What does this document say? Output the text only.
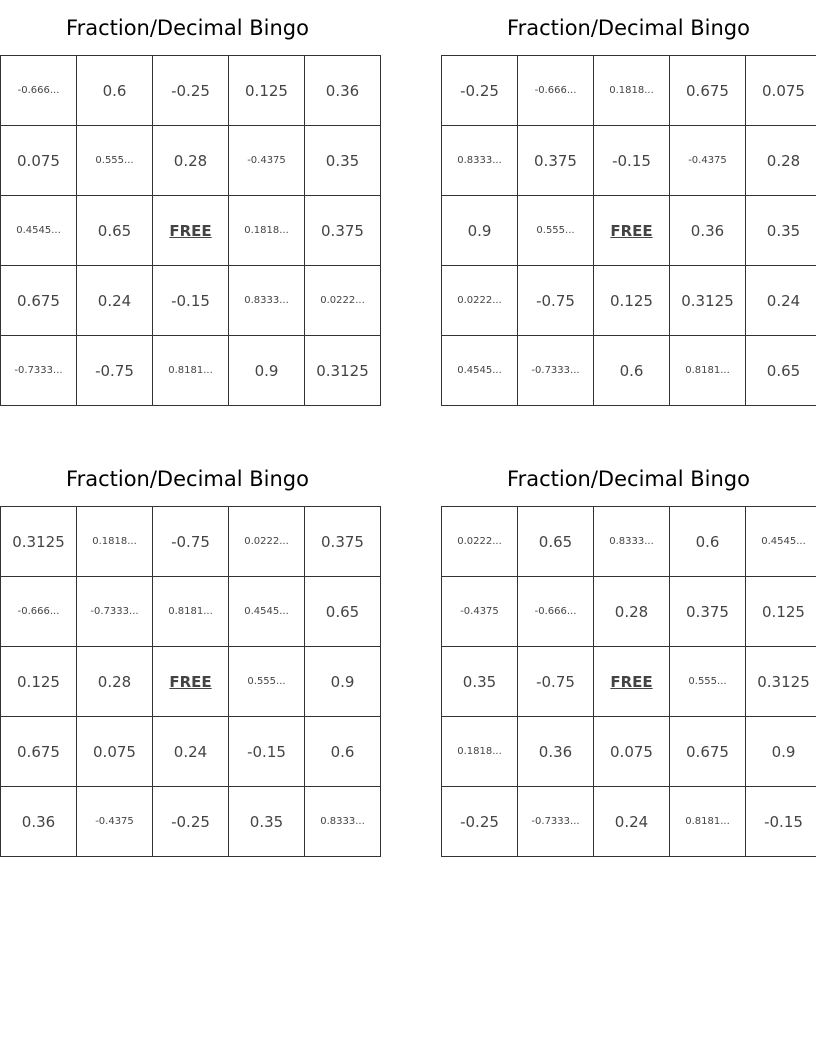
Fraction/Decimal Bingo
-0.666...	0.6	-0.25	0.125	0.36
0.075	0.555...	0.28	-0.4375	0.35
0.4545...	0.65	FREE	0.1818...	0.375
0.675	0.24	-0.15	0.8333...	0.0222...
-0.7333...	-0.75	0.8181...	0.9	0.3125
Fraction/Decimal Bingo
-0.25	-0.666...	0.1818...	0.675	0.075
0.8333...	0.375	-0.15	-0.4375	0.28
0.9	0.555...	FREE	0.36	0.35
0.0222...	-0.75	0.125	0.3125	0.24
0.4545...	-0.7333...	0.6	0.8181...	0.65
Fraction/Decimal Bingo
0.3125	0.1818...	-0.75	0.0222...	0.375
-0.666...	-0.7333...	0.8181...	0.4545...	0.65
0.125	0.28	FREE	0.555...	0.9
0.675	0.075	0.24	-0.15	0.6
0.36	-0.4375	-0.25	0.35	0.8333...
Fraction/Decimal Bingo
0.0222...	0.65	0.8333...	0.6	0.4545...
-0.4375	-0.666...	0.28	0.375	0.125
0.35	-0.75	FREE	0.555...	0.3125
0.1818...	0.36	0.075	0.675	0.9
-0.25	-0.7333...	0.24	0.8181...	-0.15
